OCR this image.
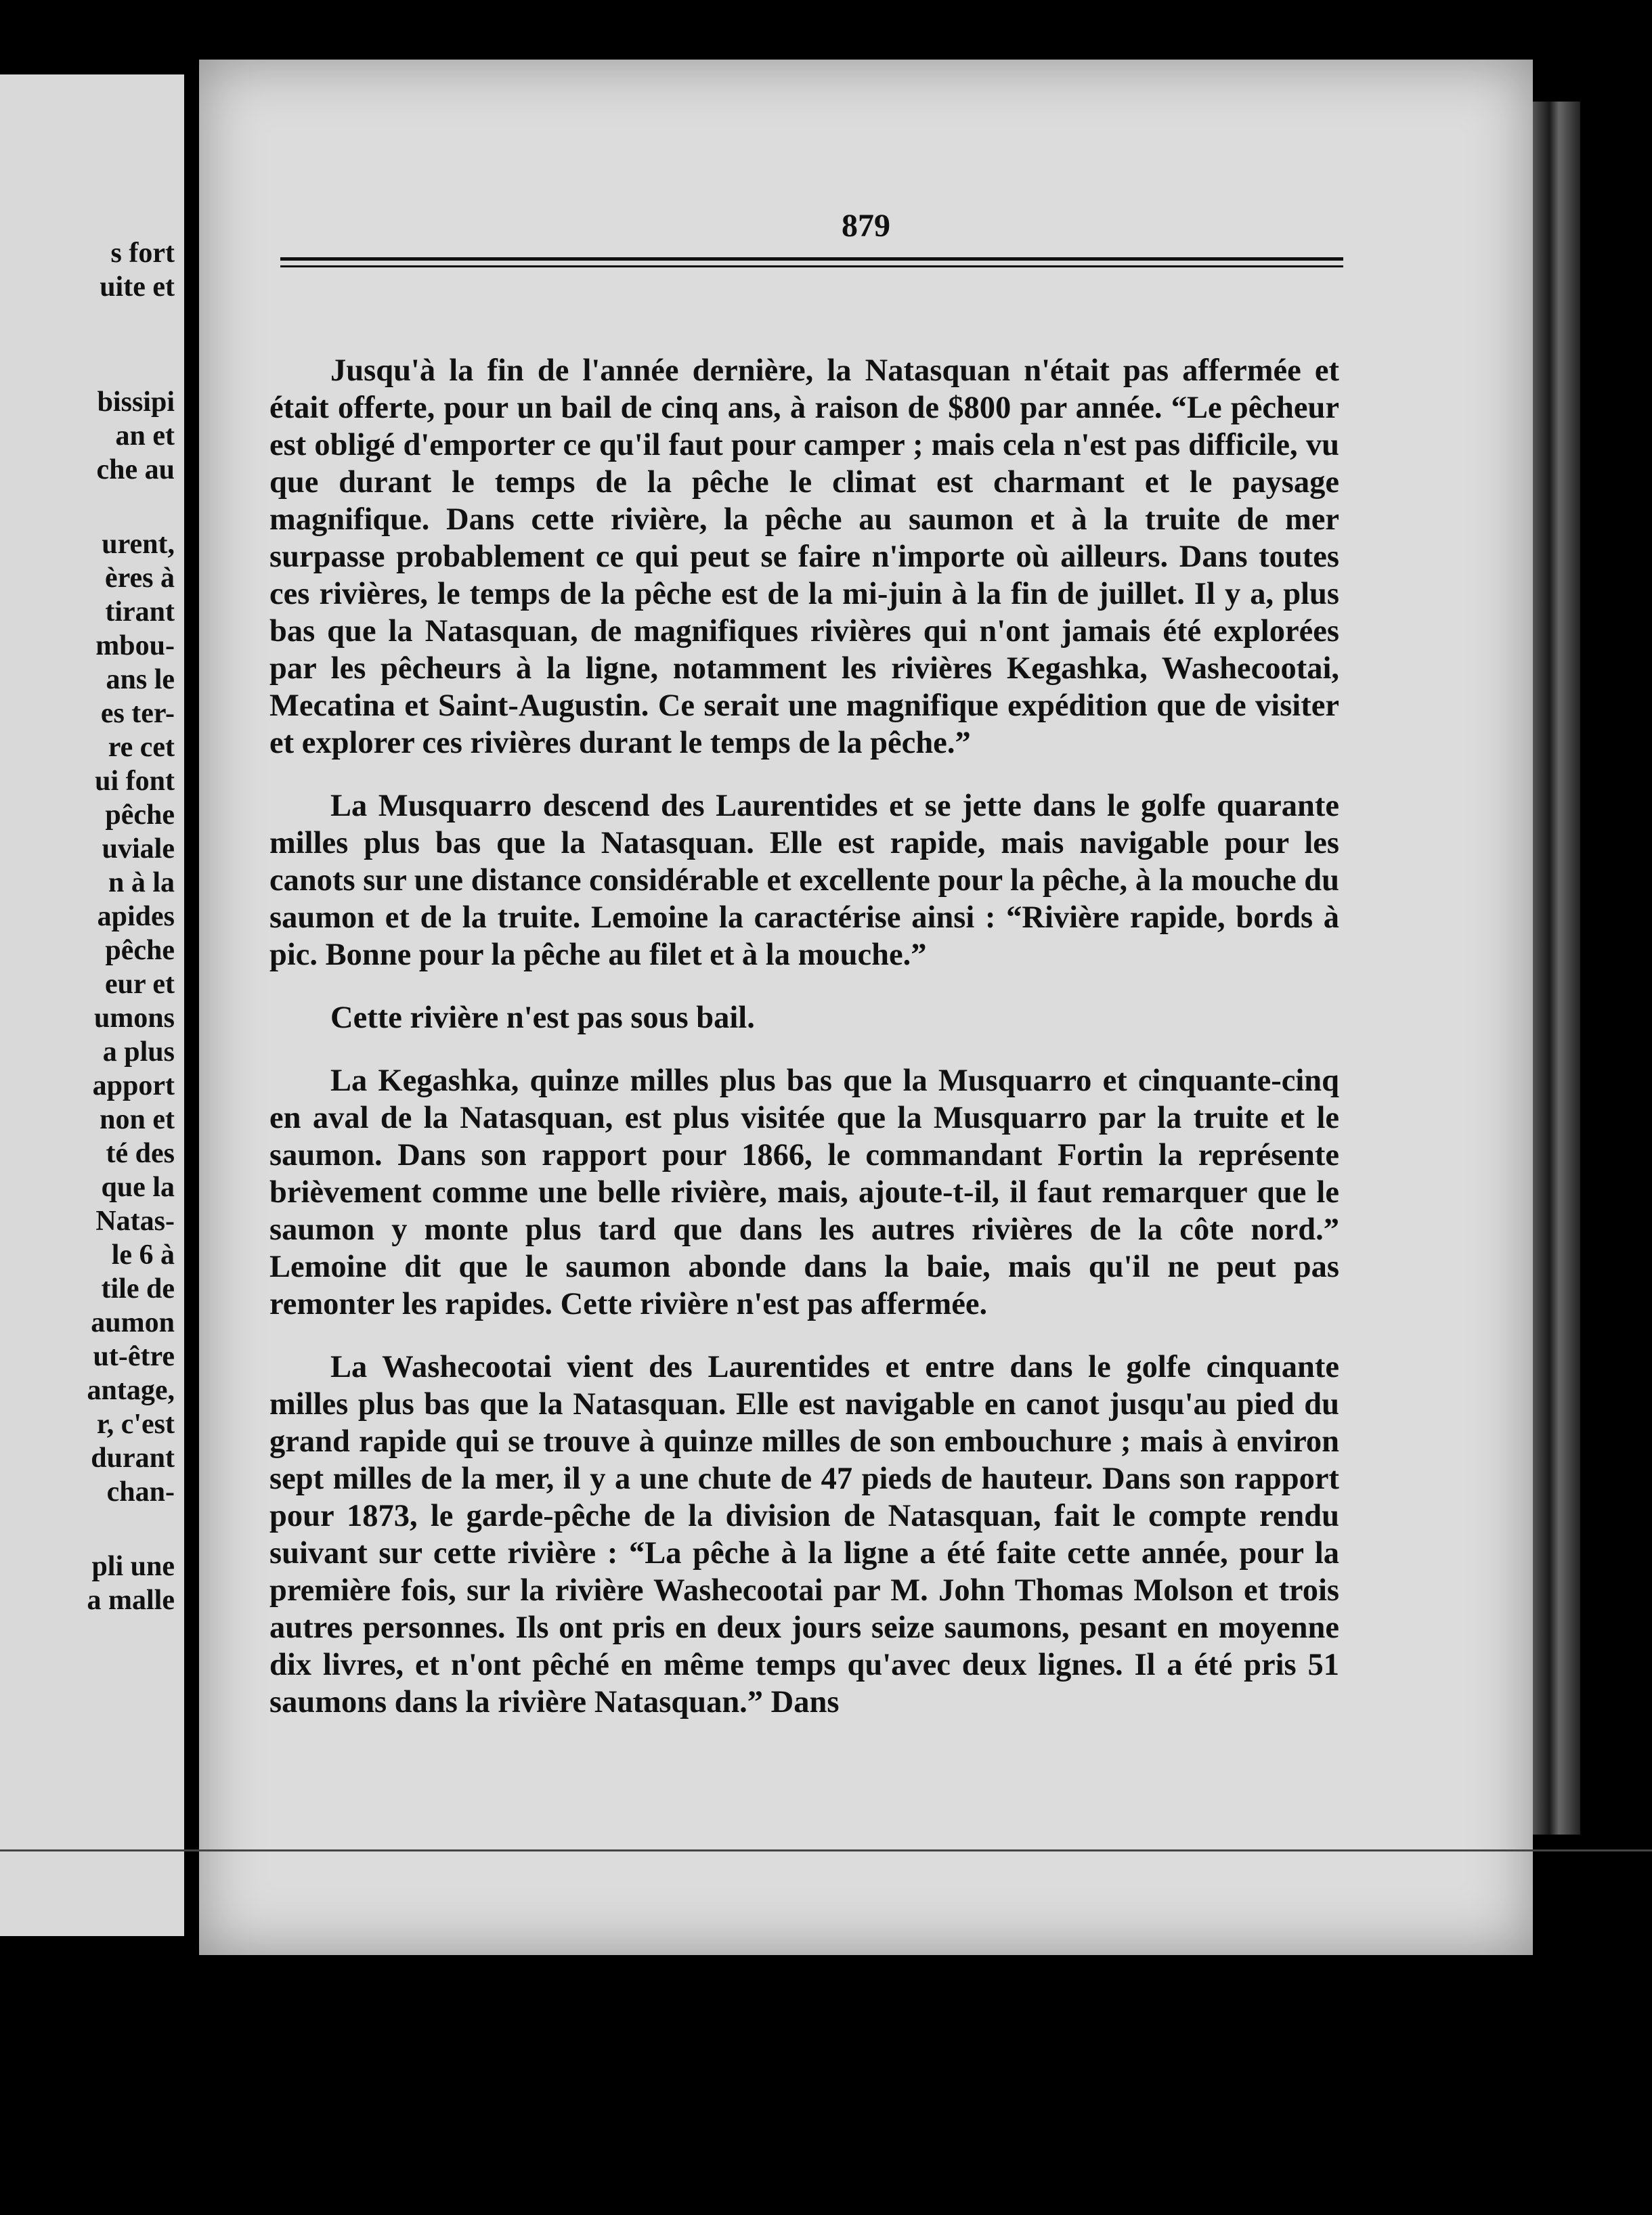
s fort
uite et
bissipi
an et
che au
urent,
ères à
tirant
mbou-
ans le
es ter-
re cet
ui font
pêche
uviale
n à la
apides
pêche
eur et
umons
a plus
apport
non et
té des
que la
Natas-
le 6 à
tile de
aumon
ut-être
antage,
r, c'est
durant
chan-
pli une
a malle
879

Jusqu'à la fin de l'année dernière, la Natasquan n'était pas affermée et était offerte, pour un bail de cinq ans, à raison de $800 par année. “Le pêcheur est obligé d'emporter ce qu'il faut pour camper ; mais cela n'est pas difficile, vu que durant le temps de la pêche le climat est charmant et le paysage magnifique. Dans cette rivière, la pêche au saumon et à la truite de mer surpasse probablement ce qui peut se faire n'importe où ailleurs. Dans toutes ces rivières, le temps de la pêche est de la mi-juin à la fin de juillet. Il y a, plus bas que la Natasquan, de magnifiques rivières qui n'ont jamais été explorées par les pêcheurs à la ligne, notamment les rivières Kegashka, Washecootai, Mecatina et Saint-Augustin. Ce serait une magnifique expédition que de visiter et explorer ces rivières durant le temps de la pêche.”

La Musquarro descend des Laurentides et se jette dans le golfe quarante milles plus bas que la Natasquan. Elle est rapide, mais navigable pour les canots sur une distance considérable et excellente pour la pêche, à la mouche du saumon et de la truite. Lemoine la caractérise ainsi : “Rivière rapide, bords à pic. Bonne pour la pêche au filet et à la mouche.”

Cette rivière n'est pas sous bail.

La Kegashka, quinze milles plus bas que la Musquarro et cinquante-cinq en aval de la Natasquan, est plus visitée que la Musquarro par la truite et le saumon. Dans son rapport pour 1866, le commandant Fortin la représente brièvement comme une belle rivière, mais, ajoute-t-il, il faut remarquer que le saumon y monte plus tard que dans les autres rivières de la côte nord.” Lemoine dit que le saumon abonde dans la baie, mais qu'il ne peut pas remonter les rapides. Cette rivière n'est pas affermée.

La Washecootai vient des Laurentides et entre dans le golfe cinquante milles plus bas que la Natasquan. Elle est navigable en canot jusqu'au pied du grand rapide qui se trouve à quinze milles de son embouchure ; mais à environ sept milles de la mer, il y a une chute de 47 pieds de hauteur. Dans son rapport pour 1873, le garde-pêche de la division de Natasquan, fait le compte rendu suivant sur cette rivière : “La pêche à la ligne a été faite cette année, pour la première fois, sur la rivière Washecootai par M. John Thomas Molson et trois autres personnes. Ils ont pris en deux jours seize saumons, pesant en moyenne dix livres, et n'ont pêché en même temps qu'avec deux lignes. Il a été pris 51 saumons dans la rivière Natasquan.” Dans
